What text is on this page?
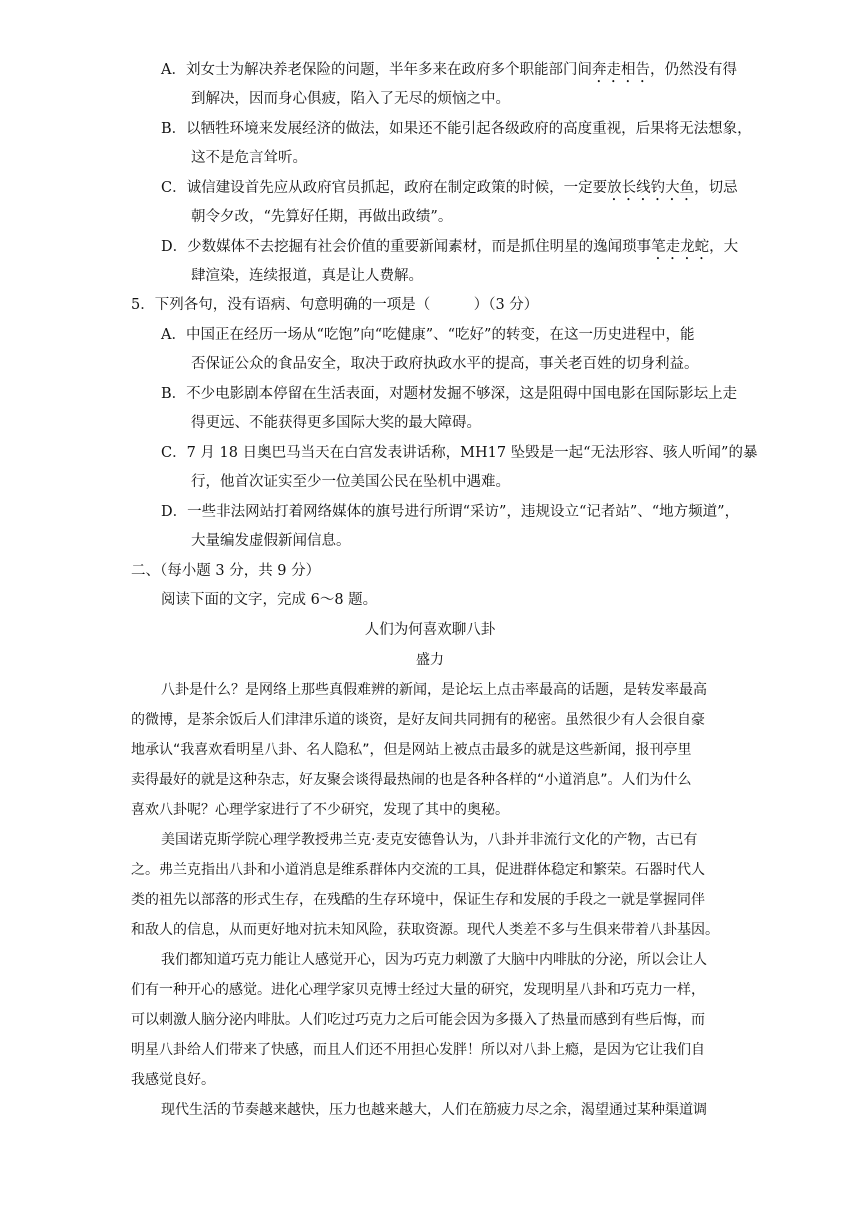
A．刘女士为解决养老保险的问题，半年多来在政府多个职能部门间奔走相告，仍然没有得
到解决，因而身心俱疲，陷入了无尽的烦恼之中。
B．以牺牲环境来发展经济的做法，如果还不能引起各级政府的高度重视，后果将无法想象，
这不是危言耸听。
C．诚信建设首先应从政府官员抓起，政府在制定政策的时候，一定要放长线钓大鱼，切忌
朝令夕改，“先算好任期，再做出政绩”。
D．少数媒体不去挖掘有社会价值的重要新闻素材，而是抓住明星的逸闻琐事笔走龙蛇，大
肆渲染，连续报道，真是让人费解。
5．下列各句，没有语病、句意明确的一项是（　　　）（3 分）
A．中国正在经历一场从“吃饱”向“吃健康”、“吃好”的转变，在这一历史进程中，能
否保证公众的食品安全，取决于政府执政水平的提高，事关老百姓的切身利益。
B．不少电影剧本停留在生活表面，对题材发掘不够深，这是阻碍中国电影在国际影坛上走
得更远、不能获得更多国际大奖的最大障碍。
C．7 月 18 日奥巴马当天在白宫发表讲话称，MH17 坠毁是一起“无法形容、骇人听闻”的暴
行，他首次证实至少一位美国公民在坠机中遇难。
D．一些非法网站打着网络媒体的旗号进行所谓“采访”，违规设立“记者站”、“地方频道”，
大量编发虚假新闻信息。
二、（每小题 3 分，共 9 分）
阅读下面的文字，完成 6～8 题。
人们为何喜欢聊八卦
盛力
八卦是什么？是网络上那些真假难辨的新闻，是论坛上点击率最高的话题，是转发率最高
的微博，是茶余饭后人们津津乐道的谈资，是好友间共同拥有的秘密。虽然很少有人会很自豪
地承认“我喜欢看明星八卦、名人隐私”，但是网站上被点击最多的就是这些新闻，报刊亭里
卖得最好的就是这种杂志，好友聚会谈得最热闹的也是各种各样的“小道消息”。人们为什么
喜欢八卦呢？心理学家进行了不少研究，发现了其中的奥秘。
美国诺克斯学院心理学教授弗兰克·麦克安德鲁认为，八卦并非流行文化的产物，古已有
之。弗兰克指出八卦和小道消息是维系群体内交流的工具，促进群体稳定和繁荣。石器时代人
类的祖先以部落的形式生存，在残酷的生存环境中，保证生存和发展的手段之一就是掌握同伴
和敌人的信息，从而更好地对抗未知风险，获取资源。现代人类差不多与生俱来带着八卦基因。
我们都知道巧克力能让人感觉开心，因为巧克力刺激了大脑中内啡肽的分泌，所以会让人
们有一种开心的感觉。进化心理学家贝克博士经过大量的研究，发现明星八卦和巧克力一样，
可以刺激人脑分泌内啡肽。人们吃过巧克力之后可能会因为多摄入了热量而感到有些后悔，而
明星八卦给人们带来了快感，而且人们还不用担心发胖！所以对八卦上瘾，是因为它让我们自
我感觉良好。
现代生活的节奏越来越快，压力也越来越大，人们在筋疲力尽之余，渴望通过某种渠道调
